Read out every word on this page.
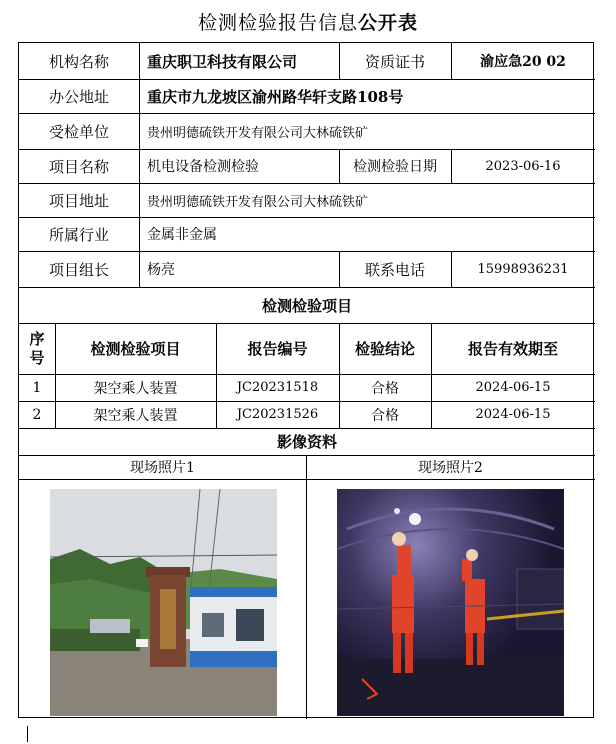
检测检验报告信息公开表
机构名称	重庆职卫科技有限公司	资质证书	渝应急20 02
办公地址	重庆市九龙坡区渝州路华轩支路108号
受检单位	贵州明德硫铁开发有限公司大林硫铁矿
项目名称	机电设备检测检验	检测检验日期	2023-06-16
项目地址	贵州明德硫铁开发有限公司大林硫铁矿
所属行业	金属非金属
项目组长	杨亮	联系电话	15998936231
检测检验项目
序号	检测检验项目	报告编号	检验结论	报告有效期至
1	架空乘人装置	JC20231518	合格	2024-06-15
2	架空乘人装置	JC20231526	合格	2024-06-15
影像资料
现场照片1	现场照片2
